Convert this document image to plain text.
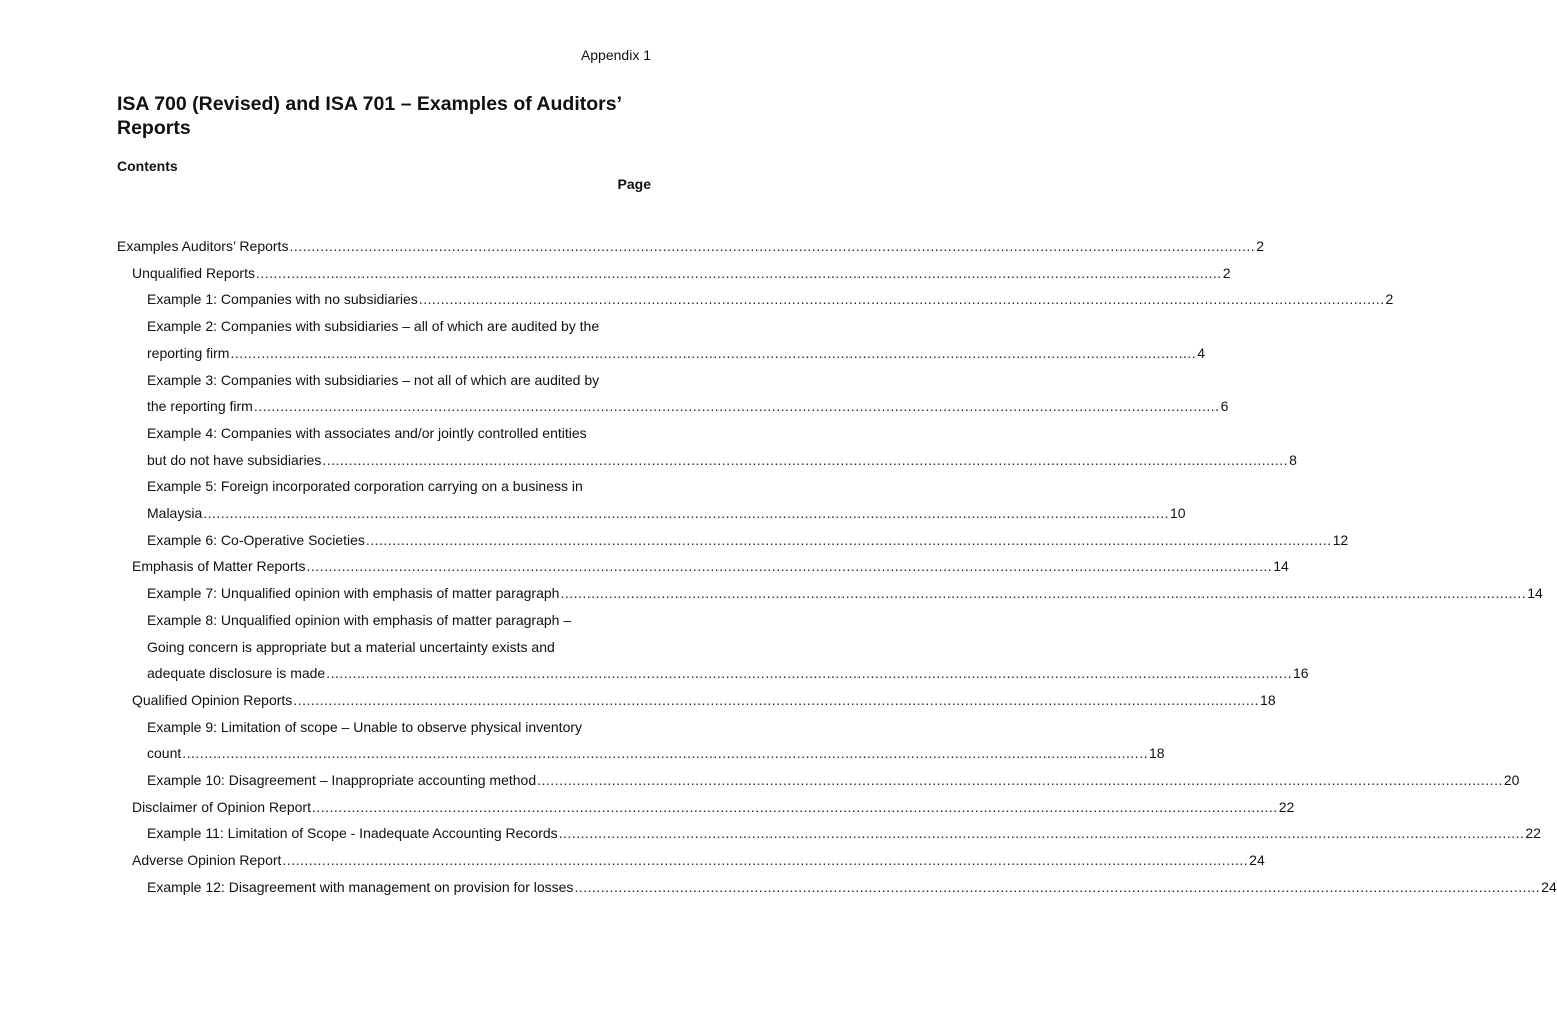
Appendix 1
ISA 700 (Revised) and ISA 701 – Examples of Auditors’ Reports
Contents
Page
Examples Auditors’ Reports ............................................................................................................................................................................................................................ 2
Unqualified Reports ............................................................................................................................................................................................................................ 2
Example 1: Companies with no subsidiaries ............................................................................................................................................................................................................................ 2
Example 2: Companies with subsidiaries – all of which are audited by the
reporting firm ............................................................................................................................................................................................................................ 4
Example 3: Companies with subsidiaries – not all of which are audited by
the reporting firm ............................................................................................................................................................................................................................ 6
Example 4: Companies with associates and/or jointly controlled entities
but do not have subsidiaries ............................................................................................................................................................................................................................ 8
Example 5: Foreign incorporated corporation carrying on a business in
Malaysia ............................................................................................................................................................................................................................ 10
Example 6: Co-Operative Societies ............................................................................................................................................................................................................................ 12
Emphasis of Matter Reports ............................................................................................................................................................................................................................ 14
Example 7: Unqualified opinion with emphasis of matter paragraph ............................................................................................................................................................................................................................ 14
Example 8: Unqualified opinion with emphasis of matter paragraph –
Going concern is appropriate but a material uncertainty exists and
adequate disclosure is made ............................................................................................................................................................................................................................ 16
Qualified Opinion Reports ............................................................................................................................................................................................................................ 18
Example 9: Limitation of scope – Unable to observe physical inventory
count ............................................................................................................................................................................................................................ 18
Example 10: Disagreement – Inappropriate accounting method ............................................................................................................................................................................................................................ 20
Disclaimer of Opinion Report ............................................................................................................................................................................................................................ 22
Example 11: Limitation of Scope - Inadequate Accounting Records ............................................................................................................................................................................................................................ 22
Adverse Opinion Report ............................................................................................................................................................................................................................ 24
Example 12: Disagreement with management on provision for losses ............................................................................................................................................................................................................................ 24
